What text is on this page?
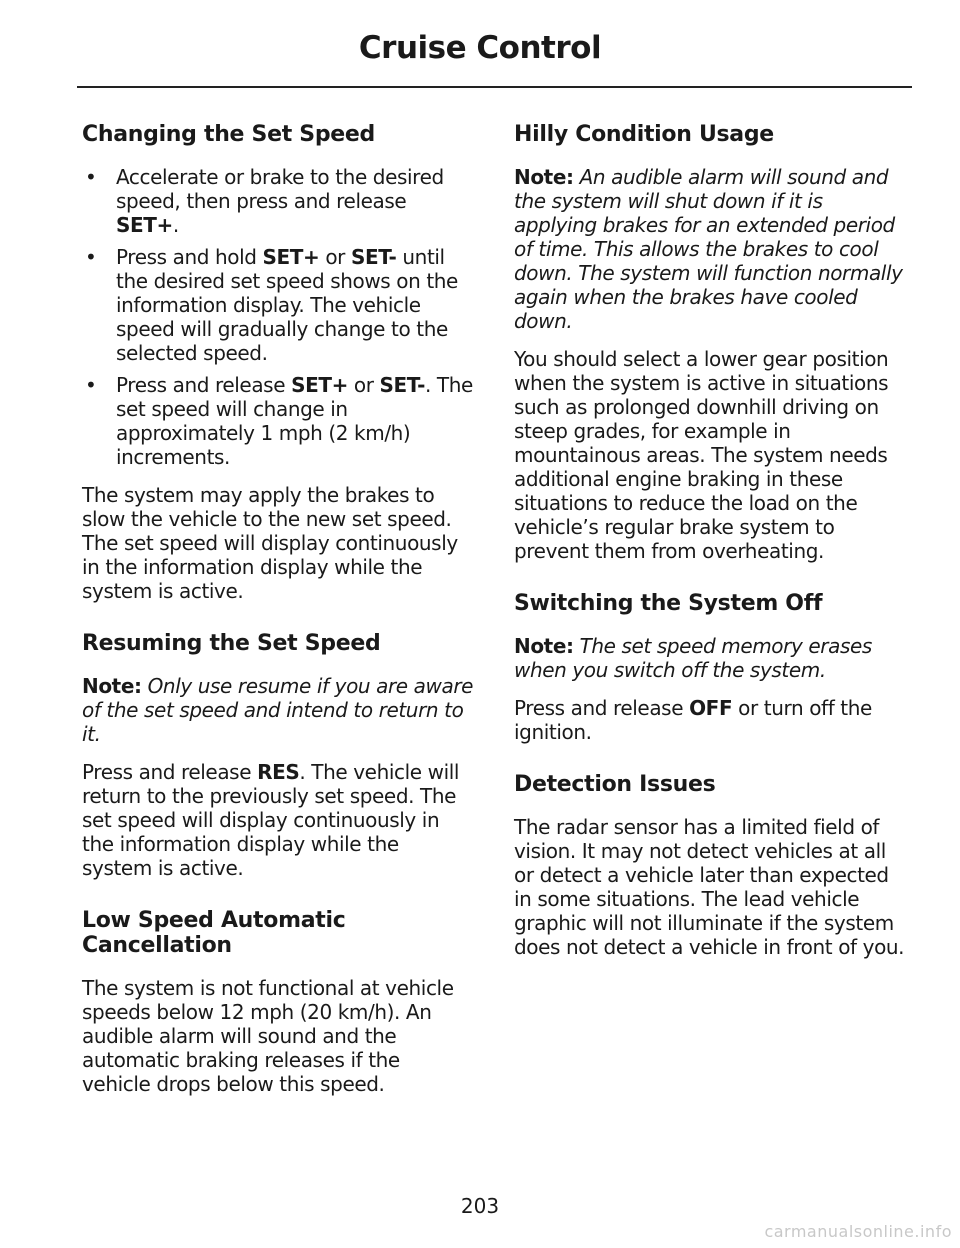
Cruise Control
Changing the Set Speed
• Accelerate or brake to the desired speed, then press and release SET+.
• Press and hold SET+ or SET- until the desired set speed shows on the information display. The vehicle speed will gradually change to the selected speed.
• Press and release SET+ or SET-. The set speed will change in approximately 1 mph (2 km/h) increments.

The system may apply the brakes to slow the vehicle to the new set speed. The set speed will display continuously in the information display while the system is active.

Resuming the Set Speed

Note: Only use resume if you are aware of the set speed and intend to return to it.

Press and release RES. The vehicle will return to the previously set speed. The set speed will display continuously in the information display while the system is active.

Low Speed Automatic
Cancellation

The system is not functional at vehicle speeds below 12 mph (20 km/h). An audible alarm will sound and the automatic braking releases if the vehicle drops below this speed.

Hilly Condition Usage

Note: An audible alarm will sound and the system will shut down if it is applying brakes for an extended period of time. This allows the brakes to cool down. The system will function normally again when the brakes have cooled down.

You should select a lower gear position when the system is active in situations such as prolonged downhill driving on steep grades, for example in mountainous areas. The system needs additional engine braking in these situations to reduce the load on the vehicle’s regular brake system to prevent them from overheating.

Switching the System Off

Note: The set speed memory erases when you switch off the system.

Press and release OFF or turn off the ignition.

Detection Issues

The radar sensor has a limited field of vision. It may not detect vehicles at all or detect a vehicle later than expected in some situations. The lead vehicle graphic will not illuminate if the system does not detect a vehicle in front of you.

203

carmanualsonline.info
